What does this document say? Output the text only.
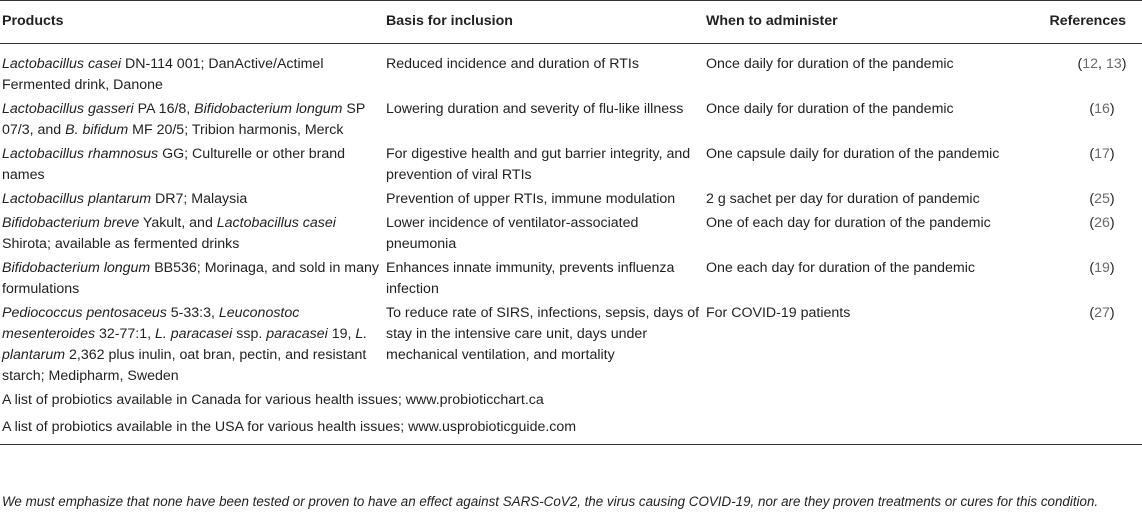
Products	Basis for inclusion	When to administer	References
Lactobacillus casei DN-114 001; DanActive/Actimel Fermented drink, Danone	Reduced incidence and duration of RTIs	Once daily for duration of the pandemic	(12, 13)
Lactobacillus gasseri PA 16/8, Bifidobacterium longum SP 07/3, and B. bifidum MF 20/5; Tribion harmonis, Merck	Lowering duration and severity of flu-like illness	Once daily for duration of the pandemic	(16)
Lactobacillus rhamnosus GG; Culturelle or other brand names	For digestive health and gut barrier integrity, and prevention of viral RTIs	One capsule daily for duration of the pandemic	(17)
Lactobacillus plantarum DR7; Malaysia	Prevention of upper RTIs, immune modulation	2 g sachet per day for duration of pandemic	(25)
Bifidobacterium breve Yakult, and Lactobacillus casei Shirota; available as fermented drinks	Lower incidence of ventilator-associated pneumonia	One of each day for duration of the pandemic	(26)
Bifidobacterium longum BB536; Morinaga, and sold in many formulations	Enhances innate immunity, prevents influenza infection	One each day for duration of the pandemic	(19)
Pediococcus pentosaceus 5-33:3, Leuconostoc mesenteroides 32-77:1, L. paracasei ssp. paracasei 19, L. plantarum 2,362 plus inulin, oat bran, pectin, and resistant starch; Medipharm, Sweden	To reduce rate of SIRS, infections, sepsis, days of stay in the intensive care unit, days under mechanical ventilation, and mortality	For COVID-19 patients	(27)
A list of probiotics available in Canada for various health issues; www.probioticchart.ca			
A list of probiotics available in the USA for various health issues; www.usprobioticguide.com			
We must emphasize that none have been tested or proven to have an effect against SARS-CoV2, the virus causing COVID-19, nor are they proven treatments or cures for this condition.
